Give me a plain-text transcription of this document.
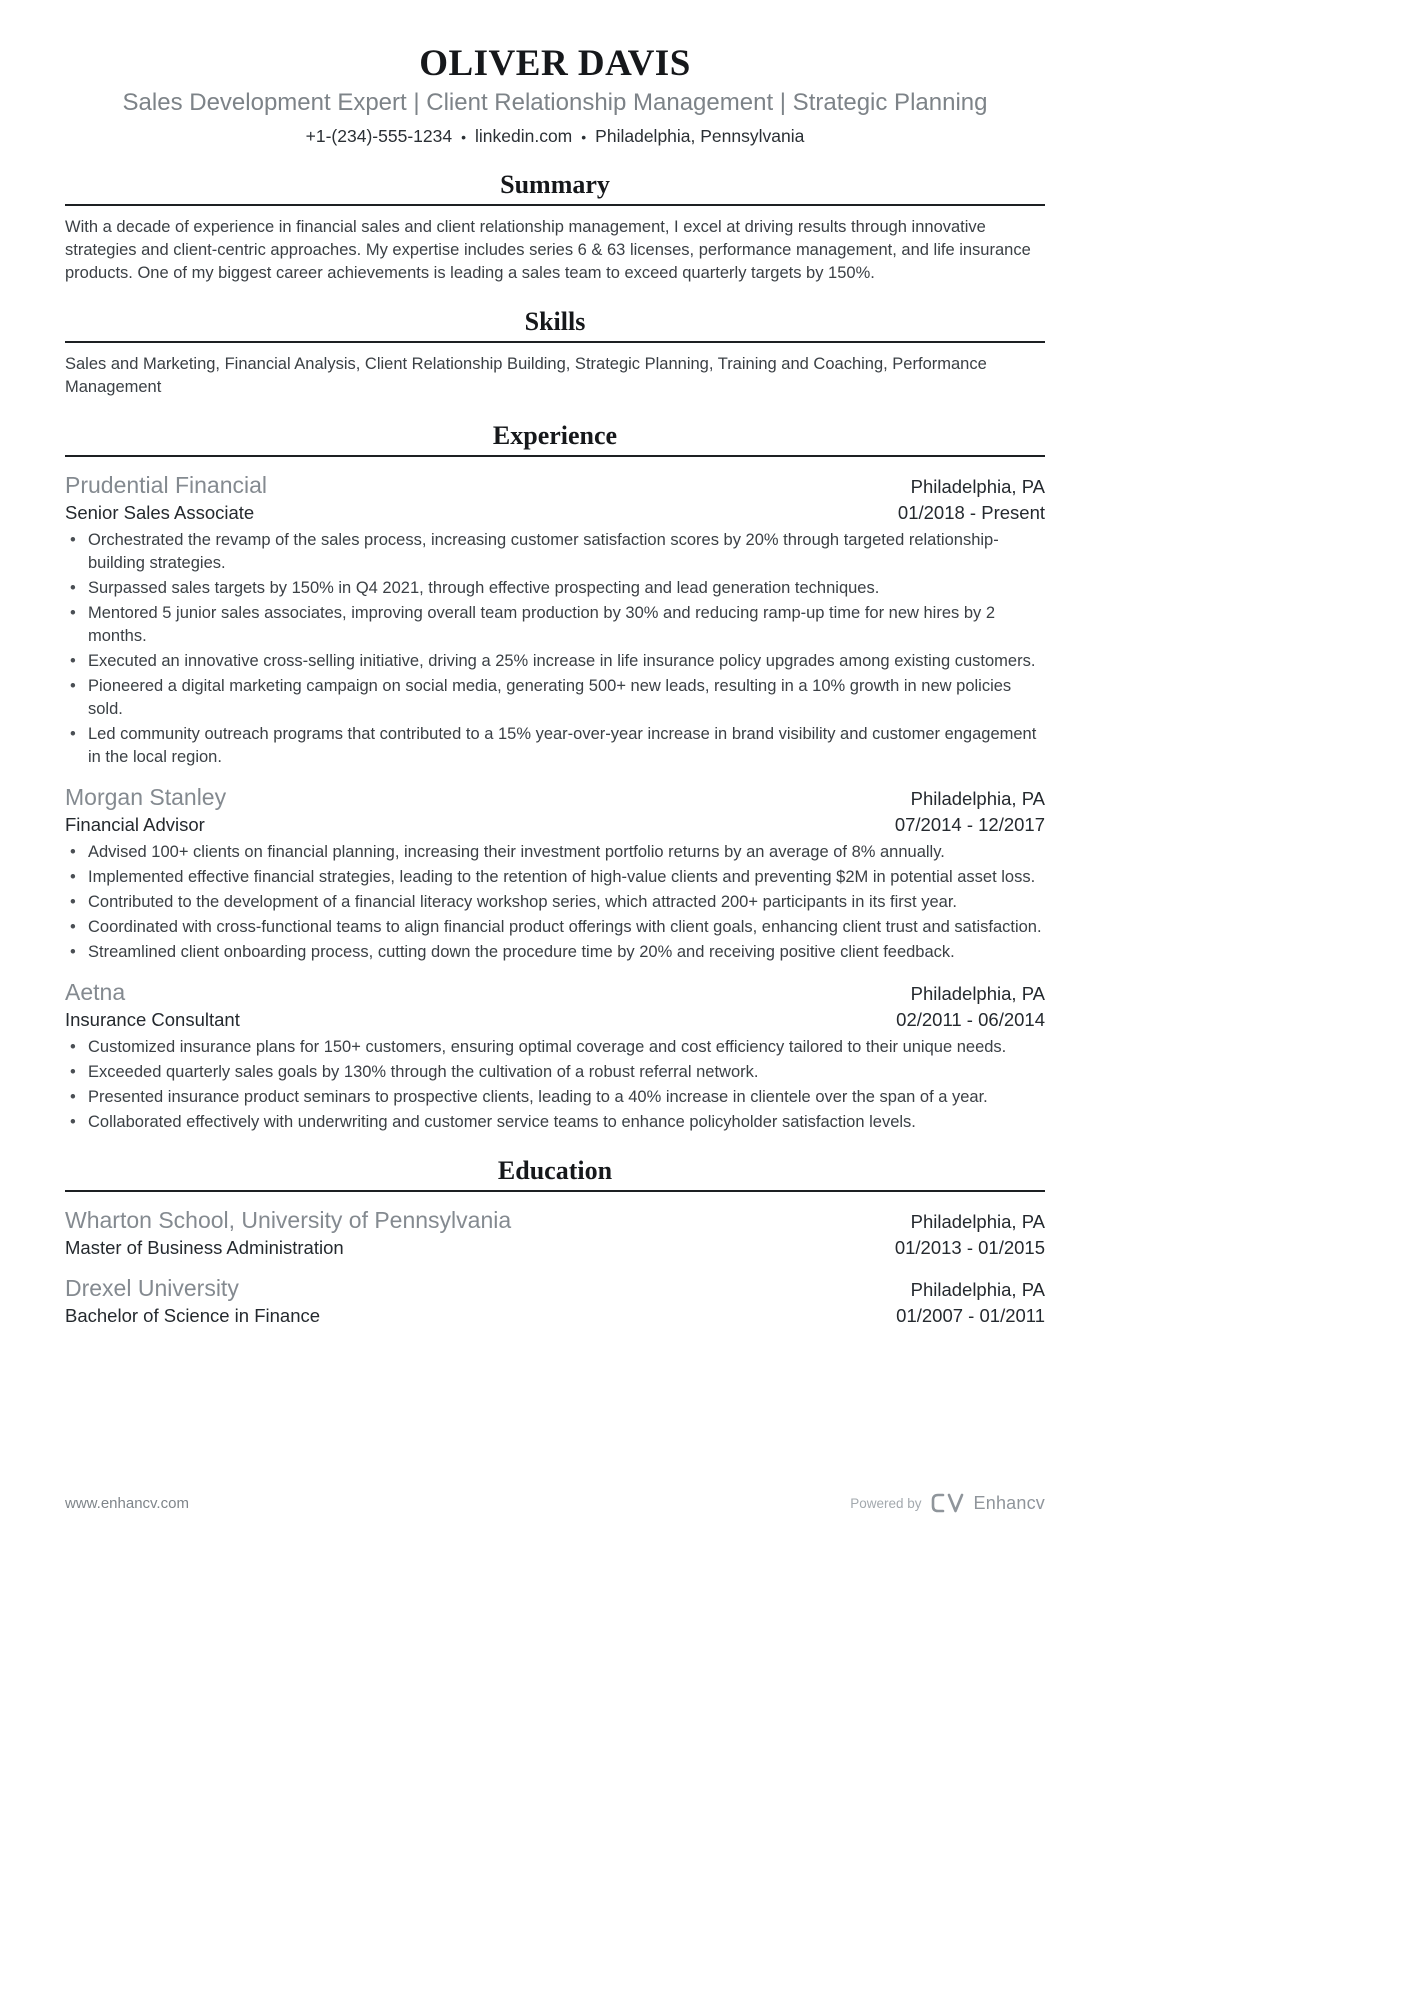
OLIVER DAVIS
Sales Development Expert | Client Relationship Management | Strategic Planning
+1-(234)-555-1234 • linkedin.com • Philadelphia, Pennsylvania
Summary

With a decade of experience in financial sales and client relationship management, I excel at driving results through innovative strategies and client-centric approaches. My expertise includes series 6 & 63 licenses, performance management, and life insurance products. One of my biggest career achievements is leading a sales team to exceed quarterly targets by 150%.

Skills

Sales and Marketing, Financial Analysis, Client Relationship Building, Strategic Planning, Training and Coaching, Performance Management

Experience
Prudential Financial	Philadelphia, PA
Senior Sales Associate	01/2018 - Present
• Orchestrated the revamp of the sales process, increasing customer satisfaction scores by 20% through targeted relationship-building strategies.
• Surpassed sales targets by 150% in Q4 2021, through effective prospecting and lead generation techniques.
• Mentored 5 junior sales associates, improving overall team production by 30% and reducing ramp-up time for new hires by 2 months.
• Executed an innovative cross-selling initiative, driving a 25% increase in life insurance policy upgrades among existing customers.
• Pioneered a digital marketing campaign on social media, generating 500+ new leads, resulting in a 10% growth in new policies sold.
• Led community outreach programs that contributed to a 15% year-over-year increase in brand visibility and customer engagement in the local region.
Morgan Stanley	Philadelphia, PA
Financial Advisor	07/2014 - 12/2017
• Advised 100+ clients on financial planning, increasing their investment portfolio returns by an average of 8% annually.
• Implemented effective financial strategies, leading to the retention of high-value clients and preventing $2M in potential asset loss.
• Contributed to the development of a financial literacy workshop series, which attracted 200+ participants in its first year.
• Coordinated with cross-functional teams to align financial product offerings with client goals, enhancing client trust and satisfaction.
• Streamlined client onboarding process, cutting down the procedure time by 20% and receiving positive client feedback.
Aetna	Philadelphia, PA
Insurance Consultant	02/2011 - 06/2014
• Customized insurance plans for 150+ customers, ensuring optimal coverage and cost efficiency tailored to their unique needs.
• Exceeded quarterly sales goals by 130% through the cultivation of a robust referral network.
• Presented insurance product seminars to prospective clients, leading to a 40% increase in clientele over the span of a year.
• Collaborated effectively with underwriting and customer service teams to enhance policyholder satisfaction levels.
Education
Wharton School, University of Pennsylvania	Philadelphia, PA
Master of Business Administration	01/2013 - 01/2015
Drexel University	Philadelphia, PA
Bachelor of Science in Finance	01/2007 - 01/2011
www.enhancv.com	Powered by	Enhancv
